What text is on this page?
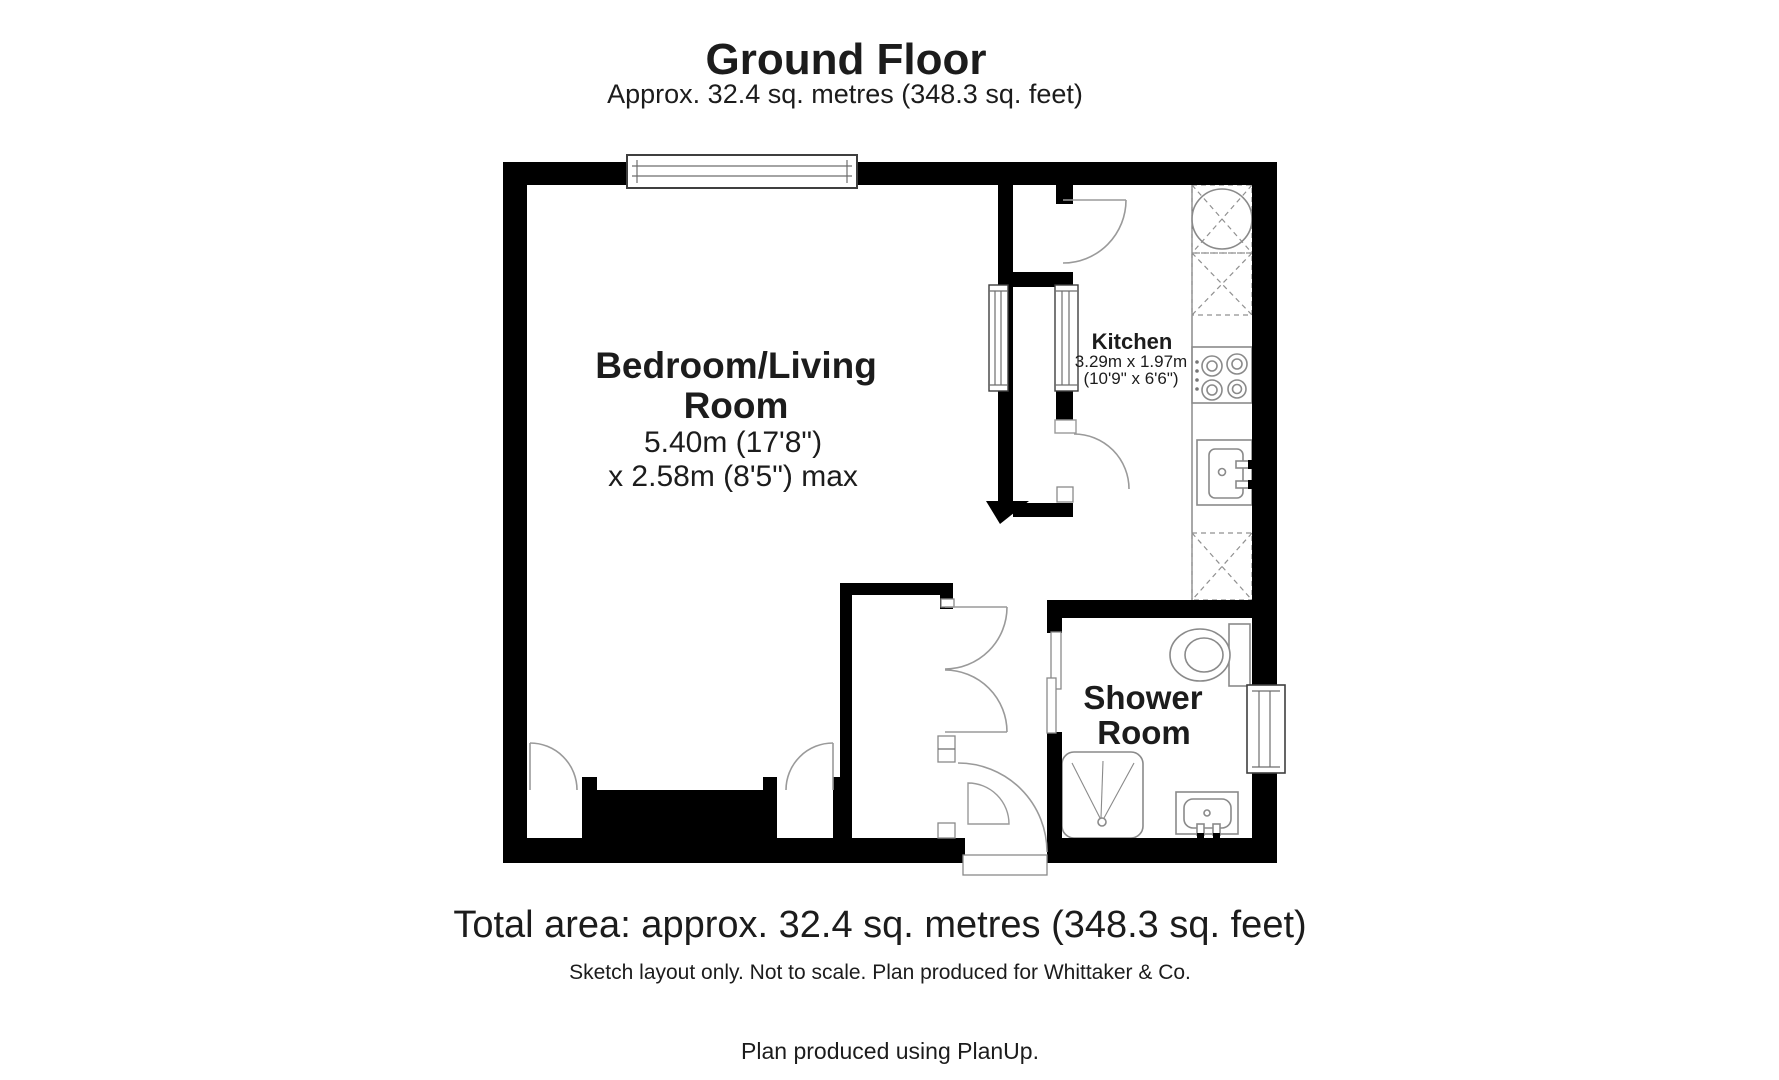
Ground Floor
Approx. 32.4 sq. metres (348.3 sq. feet)
Bedroom/Living
Room
5.40m (17'8")
x 2.58m (8'5") max
Kitchen
3.29m x 1.97m
(10'9" x 6'6")
Shower
Room
Total area: approx. 32.4 sq. metres (348.3 sq. feet)
Sketch layout only. Not to scale. Plan produced for Whittaker & Co.
Plan produced using PlanUp.
